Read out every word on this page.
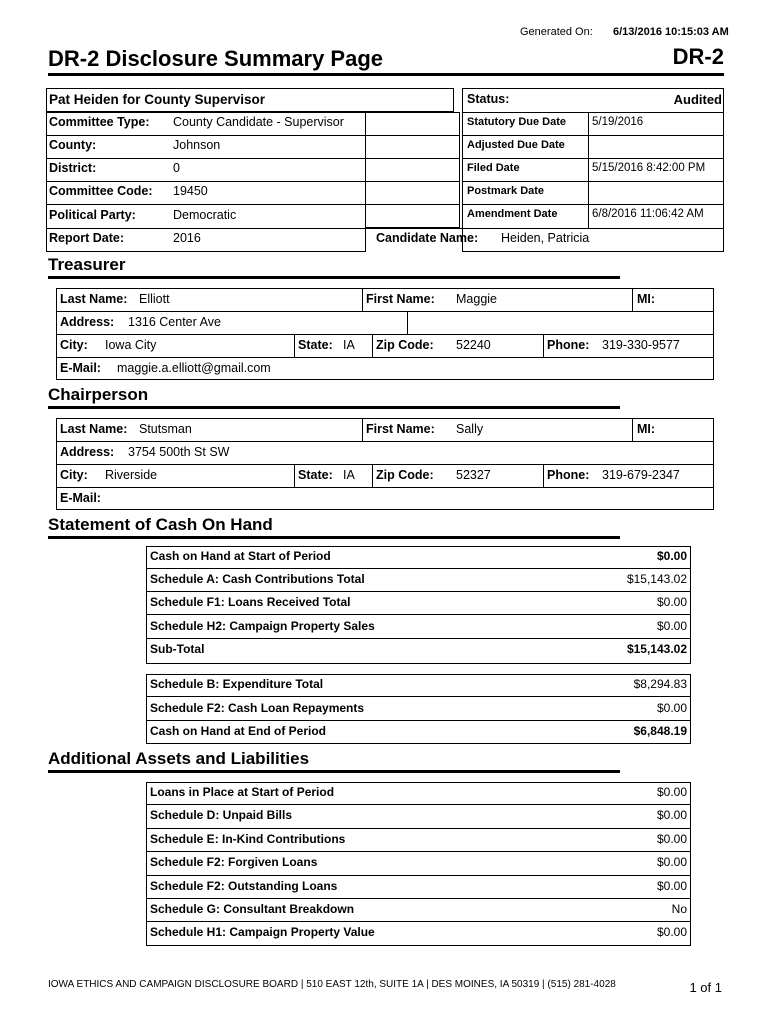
Generated On: 6/13/2016 10:15:03 AM
DR-2 Disclosure Summary Page	DR-2
Pat Heiden for County Supervisor
Committee Type: County Candidate - Supervisor
County:	Johnson
District:	0
Committee Code: 19450
Political Party:	Democratic
Report Date:	2016
Status:	Audited
Statutory Due Date 5/19/2016
Adjusted Due Date
Filed Date	5/15/2016 8:42:00 PM
Postmark Date
Amendment Date	6/8/2016 11:06:42 AM
Candidate Name: Heiden, Patricia
Treasurer
Last Name: Elliott	First Name: Maggie	MI:
Address: 1316 Center Ave
City: Iowa City	State: IA Zip Code: 52240	Phone: 319-330-9577
E-Mail: maggie.a.elliott@gmail.com
Chairperson
Last Name: Stutsman	First Name: Sally	MI:
Address: 3754 500th St SW
City: Riverside	State: IA Zip Code: 52327	Phone: 319-679-2347
E-Mail:
Statement of Cash On Hand
Cash on Hand at Start of Period	$0.00
Schedule A: Cash Contributions Total	$15,143.02
Schedule F1: Loans Received Total	$0.00
Schedule H2: Campaign Property Sales	$0.00
Sub-Total	$15,143.02
Schedule B: Expenditure Total	$8,294.83
Schedule F2: Cash Loan Repayments	$0.00
Cash on Hand at End of Period	$6,848.19
Additional Assets and Liabilities
Loans in Place at Start of Period	$0.00
Schedule D: Unpaid Bills	$0.00
Schedule E: In-Kind Contributions	$0.00
Schedule F2: Forgiven Loans	$0.00
Schedule F2: Outstanding Loans	$0.00
Schedule G: Consultant Breakdown	No
Schedule H1: Campaign Property Value	$0.00
IOWA ETHICS AND CAMPAIGN DISCLOSURE BOARD | 510 EAST 12th, SUITE 1A | DES MOINES, IA 50319 | (515) 281-4028	1 of 1
